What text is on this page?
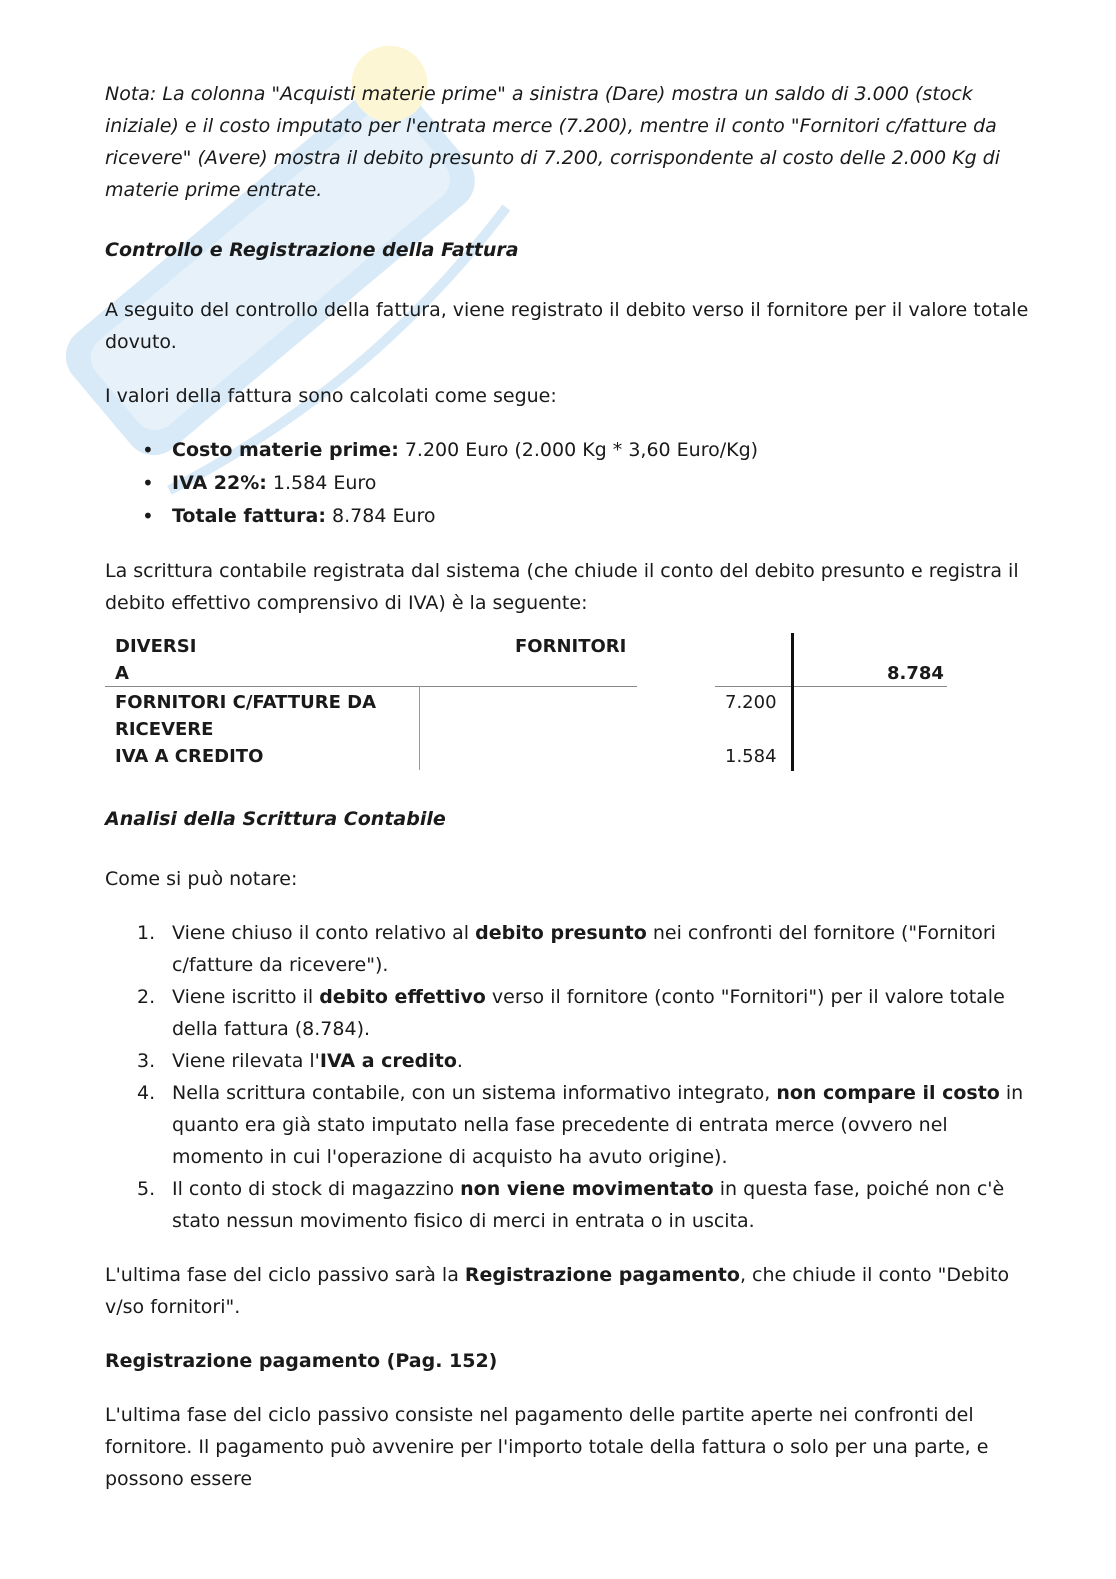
Nota: La colonna "Acquisti materie prime" a sinistra (Dare) mostra un saldo di 3.000 (stock iniziale) e il costo imputato per l'entrata merce (7.200), mentre il conto "Fornitori c/fatture da ricevere" (Avere) mostra il debito presunto di 7.200, corrispondente al costo delle 2.000 Kg di materie prime entrate.

Controllo e Registrazione della Fattura

A seguito del controllo della fattura, viene registrato il debito verso il fornitore per il valore totale dovuto.

I valori della fattura sono calcolati come segue:

• Costo materie prime: 7.200 Euro (2.000 Kg * 3,60 Euro/Kg)
• IVA 22%: 1.584 Euro
• Totale fattura: 8.784 Euro

La scrittura contabile registrata dal sistema (che chiude il conto del debito presunto e registra il debito effettivo comprensivo di IVA) è la seguente:

DIVERSI
A
FORNITORI
8.784
FORNITORI C/FATTURE DA
RICEVERE
7.200
IVA A CREDITO	1.584

Analisi della Scrittura Contabile

Come si può notare:

1. Viene chiuso il conto relativo al debito presunto nei confronti del fornitore ("Fornitori c/fatture da ricevere").
2. Viene iscritto il debito effettivo verso il fornitore (conto "Fornitori") per il valore totale della fattura (8.784).
3. Viene rilevata l'IVA a credito.
4. Nella scrittura contabile, con un sistema informativo integrato, non compare il costo in quanto era già stato imputato nella fase precedente di entrata merce (ovvero nel momento in cui l'operazione di acquisto ha avuto origine).
5. Il conto di stock di magazzino non viene movimentato in questa fase, poiché non c'è stato nessun movimento fisico di merci in entrata o in uscita.

L'ultima fase del ciclo passivo sarà la Registrazione pagamento, che chiude il conto "Debito v/so fornitori".

Registrazione pagamento (Pag. 152)

L'ultima fase del ciclo passivo consiste nel pagamento delle partite aperte nei confronti del fornitore. Il pagamento può avvenire per l'importo totale della fattura o solo per una parte, e possono essere
